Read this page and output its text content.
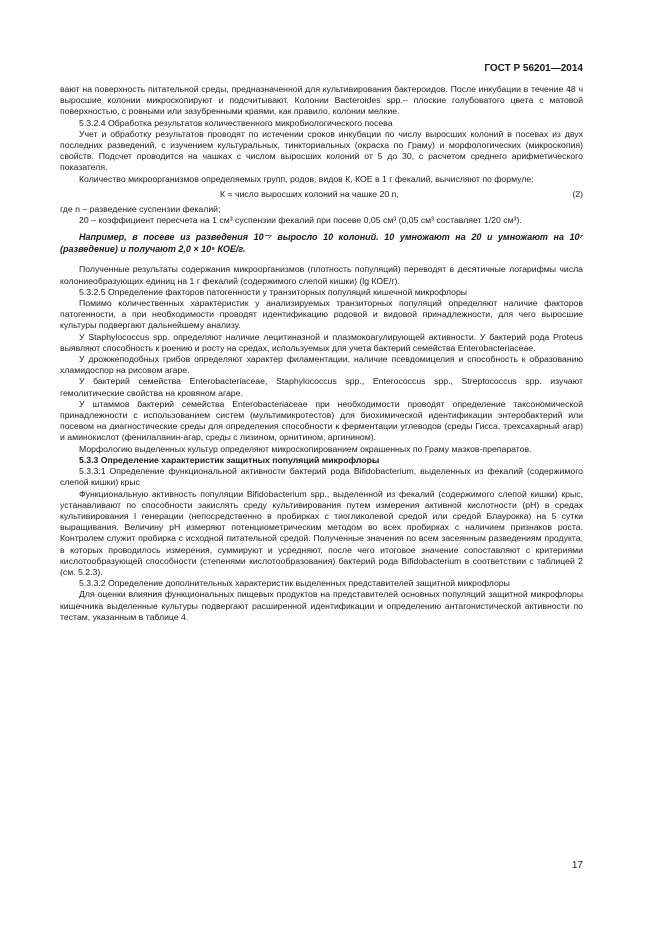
ГОСТ Р 56201—2014

вают на поверхность питательной среды, предназначенной для культивирования бактероидов. После инкубации в течение 48 ч выросшие колонии микроскопируют и подсчитывают. Колонии Bacteroides spp.– плоские голубоватого цвета с матовой поверхностью, с ровными или зазубренными краями, как правило, колонии мелкие.

5.3.2.4 Обработка результатов количественного микробиологического посева

Учет и обработку результатов проводят по истечении сроков инкубации по числу выросших колоний в посевах из двух последних разведений, с изучением культуральных, тинкториальных (окраска по Граму) и морфологических (микроскопия) свойств. Подсчет проводится на чашках с числом выросших колоний от 5 до 30, с расчетом среднего арифметического показателя.

Количество микроорганизмов определяемых групп, родов, видов К, КОЕ в 1 г фекалий, вычисляют по формуле:

К = число выросших колоний на чашке 20 n,	(2)

где n – разведение суспензии фекалий;

20 – коэффициент пересчета на 1 см³ суспензии фекалий при посеве 0,05 см³ (0,05 см³ составляет 1/20 см³).

Например, в посеве из разведения 10⁻⁷ выросло 10 колоний. 10 умножают на 20 и умножают на 10⁷ (разведение) и получают 2,0 × 10⁹ КОЕ/г.

Полученные результаты содержания микроорганизмов (плотность популяций) переводят в десятичные логарифмы числа колониеобразующих единиц на 1 г фекалий (содержимого слепой кишки) (lg КОЕ/г).

5.3.2.5 Определение факторов патогенности у транзиторных популяций кишечной микрофлоры

Помимо количественных характеристик у анализируемых транзиторных популяций определяют наличие факторов патогенности, а при необходимости проводят идентификацию родовой и видовой принадлежности, для чего выросшие культуры подвергают дальнейшему анализу.

У Staphylococcus spp. определяют наличие лецитиназной и плазмокоагулирующей активности. У бактерий рода Proteus выявляют способность к роению и росту на средах, используемых для учета бактерий семейства Enterobacteriaceae.

У дрожжеподобных грибов определяют характер филаментации, наличие псевдомицелия и способность к образованию хламидоспор на рисовом агаре.

У бактерий семейства Enterobacteriaceae, Staphylococcus spp., Enterococcus spp., Streptococcus spp. изучают гемолитические свойства на кровяном агаре.

У штаммов бактерий семейства Enterobacteriaceae при необходимости проводят определение таксономической принадлежности с использованием систем (мультимикротестов) для биохимической идентификации энтеробактерий или посевом на диагностические среды для определения способности к ферментации углеводов (среды Гисса, трехсахарный агар) и аминокислот (фенилаланин-агар, среды с лизином, орнитином, аргинином).

Морфологию выделенных культур определяют микроскопированием окрашенных по Граму мазков-препаратов.

5.3.3 Определение характеристик защитных популяций микрофлоры

5.3.3.1 Определение функциональной активности бактерий рода Bifidobacterium, выделенных из фекалий (содержимого слепой кишки) крыс

Функциональную активность популяции Bifidobacterium spp., выделенной из фекалий (содержимого слепой кишки) крыс, устанавливают по способности закислять среду культивирования путем измерения активной кислотности (pH) в средах культивирования I генерации (непосредственно в пробирках с тиогликолевой средой или средой Блаурокка) на 5 сутки выращивания. Величину pH измеряют потенциометрическим методом во всех пробирках с наличием признаков роста. Контролем служит пробирка с исходной питательной средой. Полученные значения по всем засеянным разведениям продукта, в которых проводилось измерения, суммируют и усредняют, после чего итоговое значение сопоставляют с критериями кислотообразующей способности (степенями кислотообразования) бактерий рода Bifidobacterium в соответствии с таблицей 2 (см. 5.2.3).

5.3.3.2 Определение дополнительных характеристик выделенных представителей защитной микрофлоры

Для оценки влияния функциональных пищевых продуктов на представителей основных популяций защитной микрофлоры кишечника выделенные культуры подвергают расширенной идентификации и определению антагонистической активности по тестам, указанным в таблице 4.

17
